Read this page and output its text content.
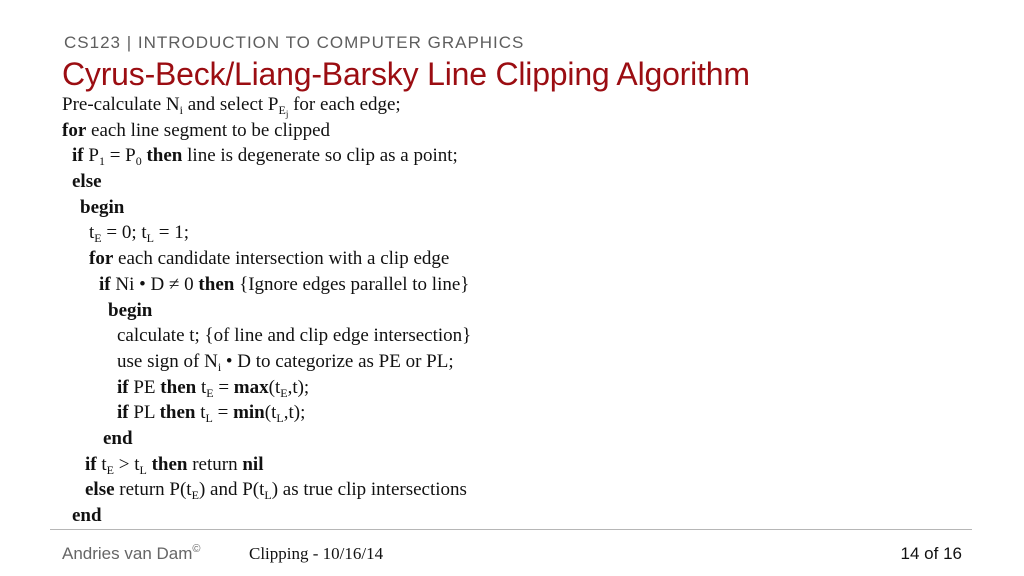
CS123 | INTRODUCTION TO COMPUTER GRAPHICS
Cyrus-Beck/Liang-Barsky Line Clipping Algorithm
Pre-calculate $N_i$ and select $P_{E_j}$ for each edge;
for each line segment to be clipped
if $P_1 = P_0$ then line is degenerate so clip as a point;
else
begin
$t_E = 0$; $t_L = 1$;
for each candidate intersection with a clip edge
if Ni • D ≠ 0 then {Ignore edges parallel to line}
begin
calculate t; {of line and clip edge intersection}
use sign of $N_i$ • D to categorize as PE or PL;
if PE then $t_E = \max(t_E,t)$;
if PL then $t_L = \min(t_L,t)$;
end
if $t_E > t_L$ then return nil
else return $P(t_E)$ and $P(t_L)$ as true clip intersections
end
Andries van Dam©	Clipping - 10/16/14	14 of 16
